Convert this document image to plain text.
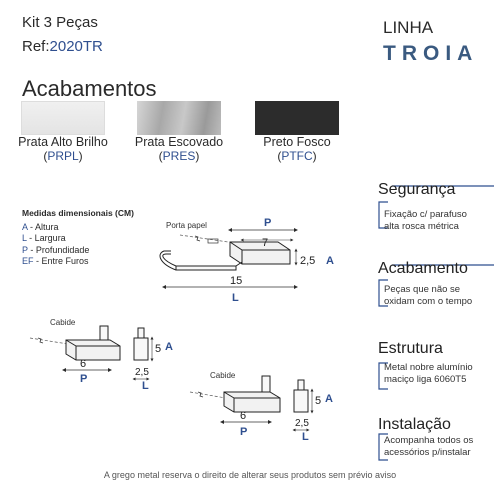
Kit 3 Peças
Ref:2020TR
LINHA
TROIA
Acabamentos
Prata Alto Brilho
(PRPL)
Prata Escovado
(PRES)
Preto Fosco
(PTFC)
Medidas dimensionais (CM)
A - Altura
L - Largura
P - Profundidade
EF - Entre Furos
Porta papel	P
7
2,5 A
15
L
Cabide
6
P
5 A
2,5
L
Cabide
6
P
5 A
2,5
L
Segurança
Fixação c/ parafuso
alta rosca métrica
Acabamento
Peças que não se
oxidam com o tempo
Estrutura
Metal nobre alumínio
maciço liga 6060T5
Instalação
Acompanha todos os
acessórios p/instalar
A grego metal reserva o direito de alterar seus produtos sem prévio aviso
